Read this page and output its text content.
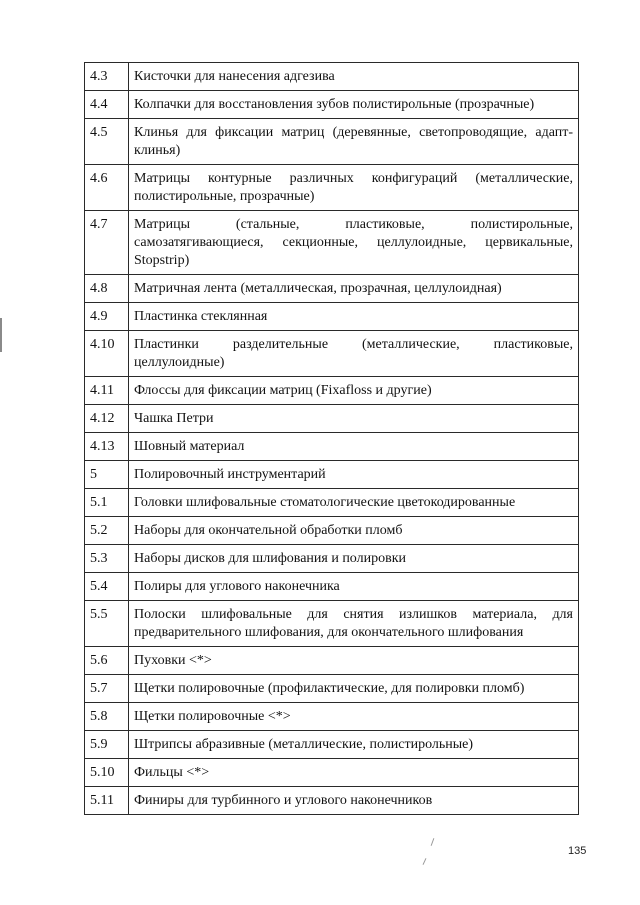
4.3	Кисточки для нанесения адгезива
4.4	Колпачки для восстановления зубов полистирольные (прозрачные)
4.5	Клинья для фиксации матриц (деревянные, светопроводящие, адапт-клинья)
4.6	Матрицы контурные различных конфигураций (металлические, полистирольные, прозрачные)
4.7	Матрицы (стальные, пластиковые, полистирольные, самозатягивающиеся, секционные, целлулоидные, цервикальные, Stopstrip)
4.8	Матричная лента (металлическая, прозрачная, целлулоидная)
4.9	Пластинка стеклянная
4.10	Пластинки разделительные (металлические, пластиковые, целлулоидные)
4.11	Флоссы для фиксации матриц (Fixafloss и другие)
4.12	Чашка Петри
4.13	Шовный материал
5	Полировочный инструментарий
5.1	Головки шлифовальные стоматологические цветокодированные
5.2	Наборы для окончательной обработки пломб
5.3	Наборы дисков для шлифования и полировки
5.4	Полиры для углового наконечника
5.5	Полоски шлифовальные для снятия излишков материала, для предварительного шлифования, для окончательного шлифования
5.6	Пуховки <*>
5.7	Щетки полировочные (профилактические, для полировки пломб)
5.8	Щетки полировочные <*>
5.9	Штрипсы абразивные (металлические, полистирольные)
5.10	Фильцы <*>
5.11	Финиры для турбинного и углового наконечников
135
